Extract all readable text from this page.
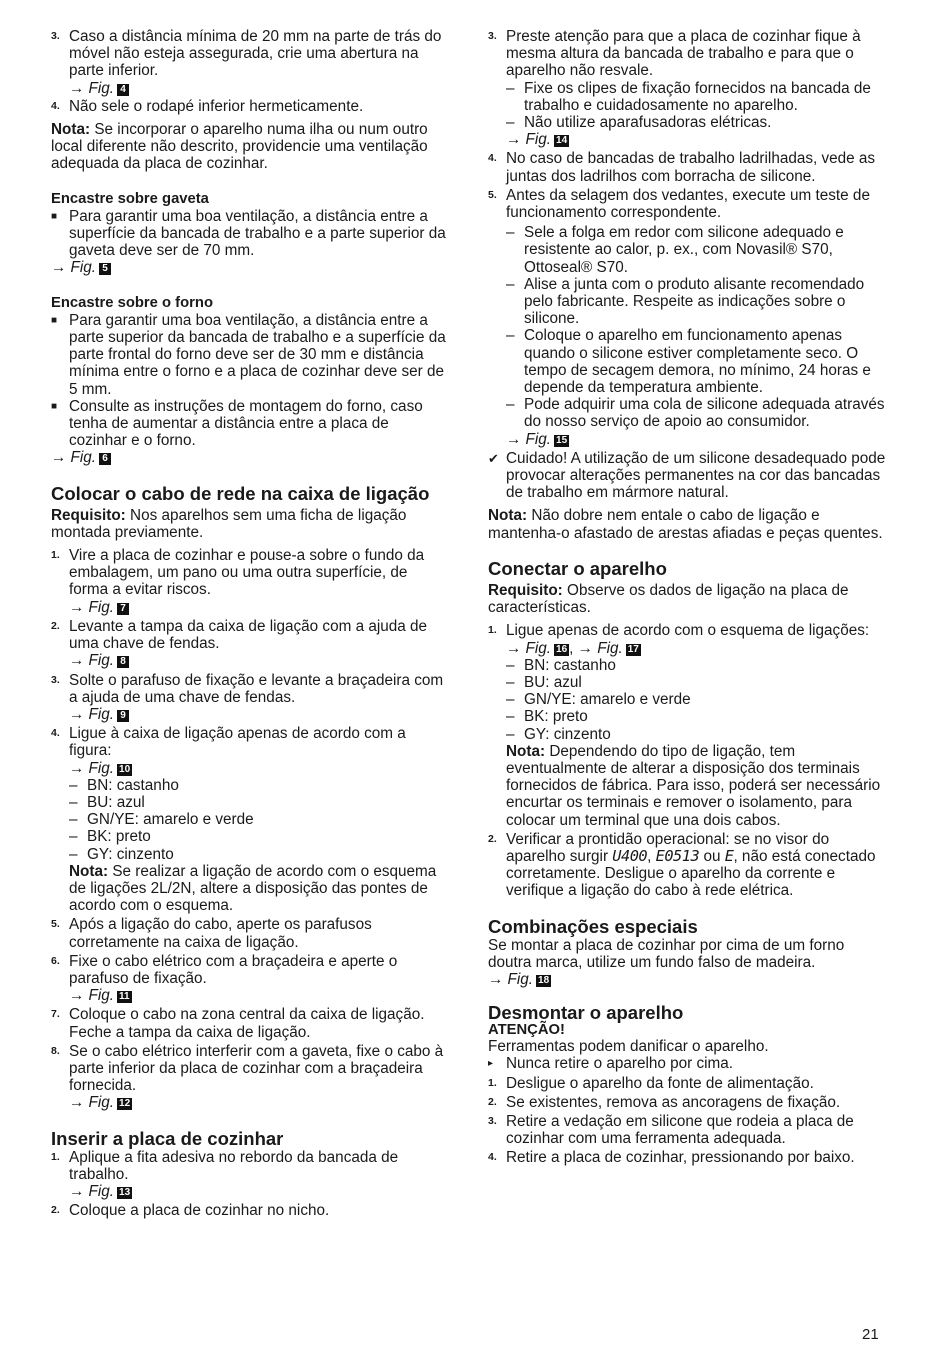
3. Caso a distância mínima de 20 mm na parte de trás do móvel não esteja assegurada, crie uma abertura na parte inferior.

→ Fig. 4

4. Não sele o rodapé inferior hermeticamente.

Nota: Se incorporar o aparelho numa ilha ou num outro local diferente não descrito, providencie uma ventilação adequada da placa de cozinhar.

Encastre sobre gaveta

■ Para garantir uma boa ventilação, a distância entre a superfície da bancada de trabalho e a parte superior da gaveta deve ser de 70 mm.

→ Fig. 5

Encastre sobre o forno

■ Para garantir uma boa ventilação, a distância entre a parte superior da bancada de trabalho e a superfície da parte frontal do forno deve ser de 30 mm e distância mínima entre o forno e a placa de cozinhar deve ser de 5 mm.

■ Consulte as instruções de montagem do forno, caso tenha de aumentar a distância entre a placa de cozinhar e o forno.

→ Fig. 6

Colocar o cabo de rede na caixa de ligação

Requisito: Nos aparelhos sem uma ficha de ligação montada previamente.

1. Vire a placa de cozinhar e pouse-a sobre o fundo da embalagem, um pano ou uma outra superfície, de forma a evitar riscos.

→ Fig. 7

2. Levante a tampa da caixa de ligação com a ajuda de uma chave de fendas.

→ Fig. 8

3. Solte o parafuso de fixação e levante a braçadeira com a ajuda de uma chave de fendas.

→ Fig. 9

4. Ligue à caixa de ligação apenas de acordo com a figura:

→ Fig. 10

– BN: castanho
– BU: azul
– GN/YE: amarelo e verde
– BK: preto
– GY: cinzento

Nota: Se realizar a ligação de acordo com o esquema de ligações 2L/2N, altere a disposição das pontes de acordo com o esquema.

5. Após a ligação do cabo, aperte os parafusos corretamente na caixa de ligação.

6. Fixe o cabo elétrico com a braçadeira e aperte o parafuso de fixação.

→ Fig. 11

7. Coloque o cabo na zona central da caixa de ligação. Feche a tampa da caixa de ligação.

8. Se o cabo elétrico interferir com a gaveta, fixe o cabo à parte inferior da placa de cozinhar com a braçadeira fornecida.

→ Fig. 12

Inserir a placa de cozinhar

1. Aplique a fita adesiva no rebordo da bancada de trabalho.

→ Fig. 13

2. Coloque a placa de cozinhar no nicho.

3. Preste atenção para que a placa de cozinhar fique à mesma altura da bancada de trabalho e para que o aparelho não resvale.

– Fixe os clipes de fixação fornecidos na bancada de trabalho e cuidadosamente no aparelho.
– Não utilize aparafusadoras elétricas.

→ Fig. 14

4. No caso de bancadas de trabalho ladrilhadas, vede as juntas dos ladrilhos com borracha de silicone.

5. Antes da selagem dos vedantes, execute um teste de funcionamento correspondente.

– Sele a folga em redor com silicone adequado e resistente ao calor, p. ex., com Novasil® S70, Ottoseal® S70.
– Alise a junta com o produto alisante recomendado pelo fabricante. Respeite as indicações sobre o silicone.
– Coloque o aparelho em funcionamento apenas quando o silicone estiver completamente seco. O tempo de secagem demora, no mínimo, 24 horas e depende da temperatura ambiente.
– Pode adquirir uma cola de silicone adequada através do nosso serviço de apoio ao consumidor.

→ Fig. 15

✔ Cuidado! A utilização de um silicone desadequado pode provocar alterações permanentes na cor das bancadas de trabalho em mármore natural.

Nota: Não dobre nem entale o cabo de ligação e mantenha-o afastado de arestas afiadas e peças quentes.

Conectar o aparelho

Requisito: Observe os dados de ligação na placa de características.

1. Ligue apenas de acordo com o esquema de ligações:

→ Fig. 16 , → Fig. 17

– BN: castanho
– BU: azul
– GN/YE: amarelo e verde
– BK: preto
– GY: cinzento

Nota: Dependendo do tipo de ligação, tem eventualmente de alterar a disposição dos terminais fornecidos de fábrica. Para isso, poderá ser necessário encurtar os terminais e remover o isolamento, para colocar um terminal que una dois cabos.

2. Verificar a prontidão operacional: se no visor do aparelho surgir U400, E0513 ou E, não está conectado corretamente. Desligue o aparelho da corrente e verifique a ligação do cabo à rede elétrica.

Combinações especiais

Se montar a placa de cozinhar por cima de um forno doutra marca, utilize um fundo falso de madeira.

→ Fig. 18

Desmontar o aparelho

ATENÇÃO!

Ferramentas podem danificar o aparelho.

▸ Nunca retire o aparelho por cima.

1. Desligue o aparelho da fonte de alimentação.

2. Se existentes, remova as ancoragens de fixação.

3. Retire a vedação em silicone que rodeia a placa de cozinhar com uma ferramenta adequada.

4. Retire a placa de cozinhar, pressionando por baixo.

21
